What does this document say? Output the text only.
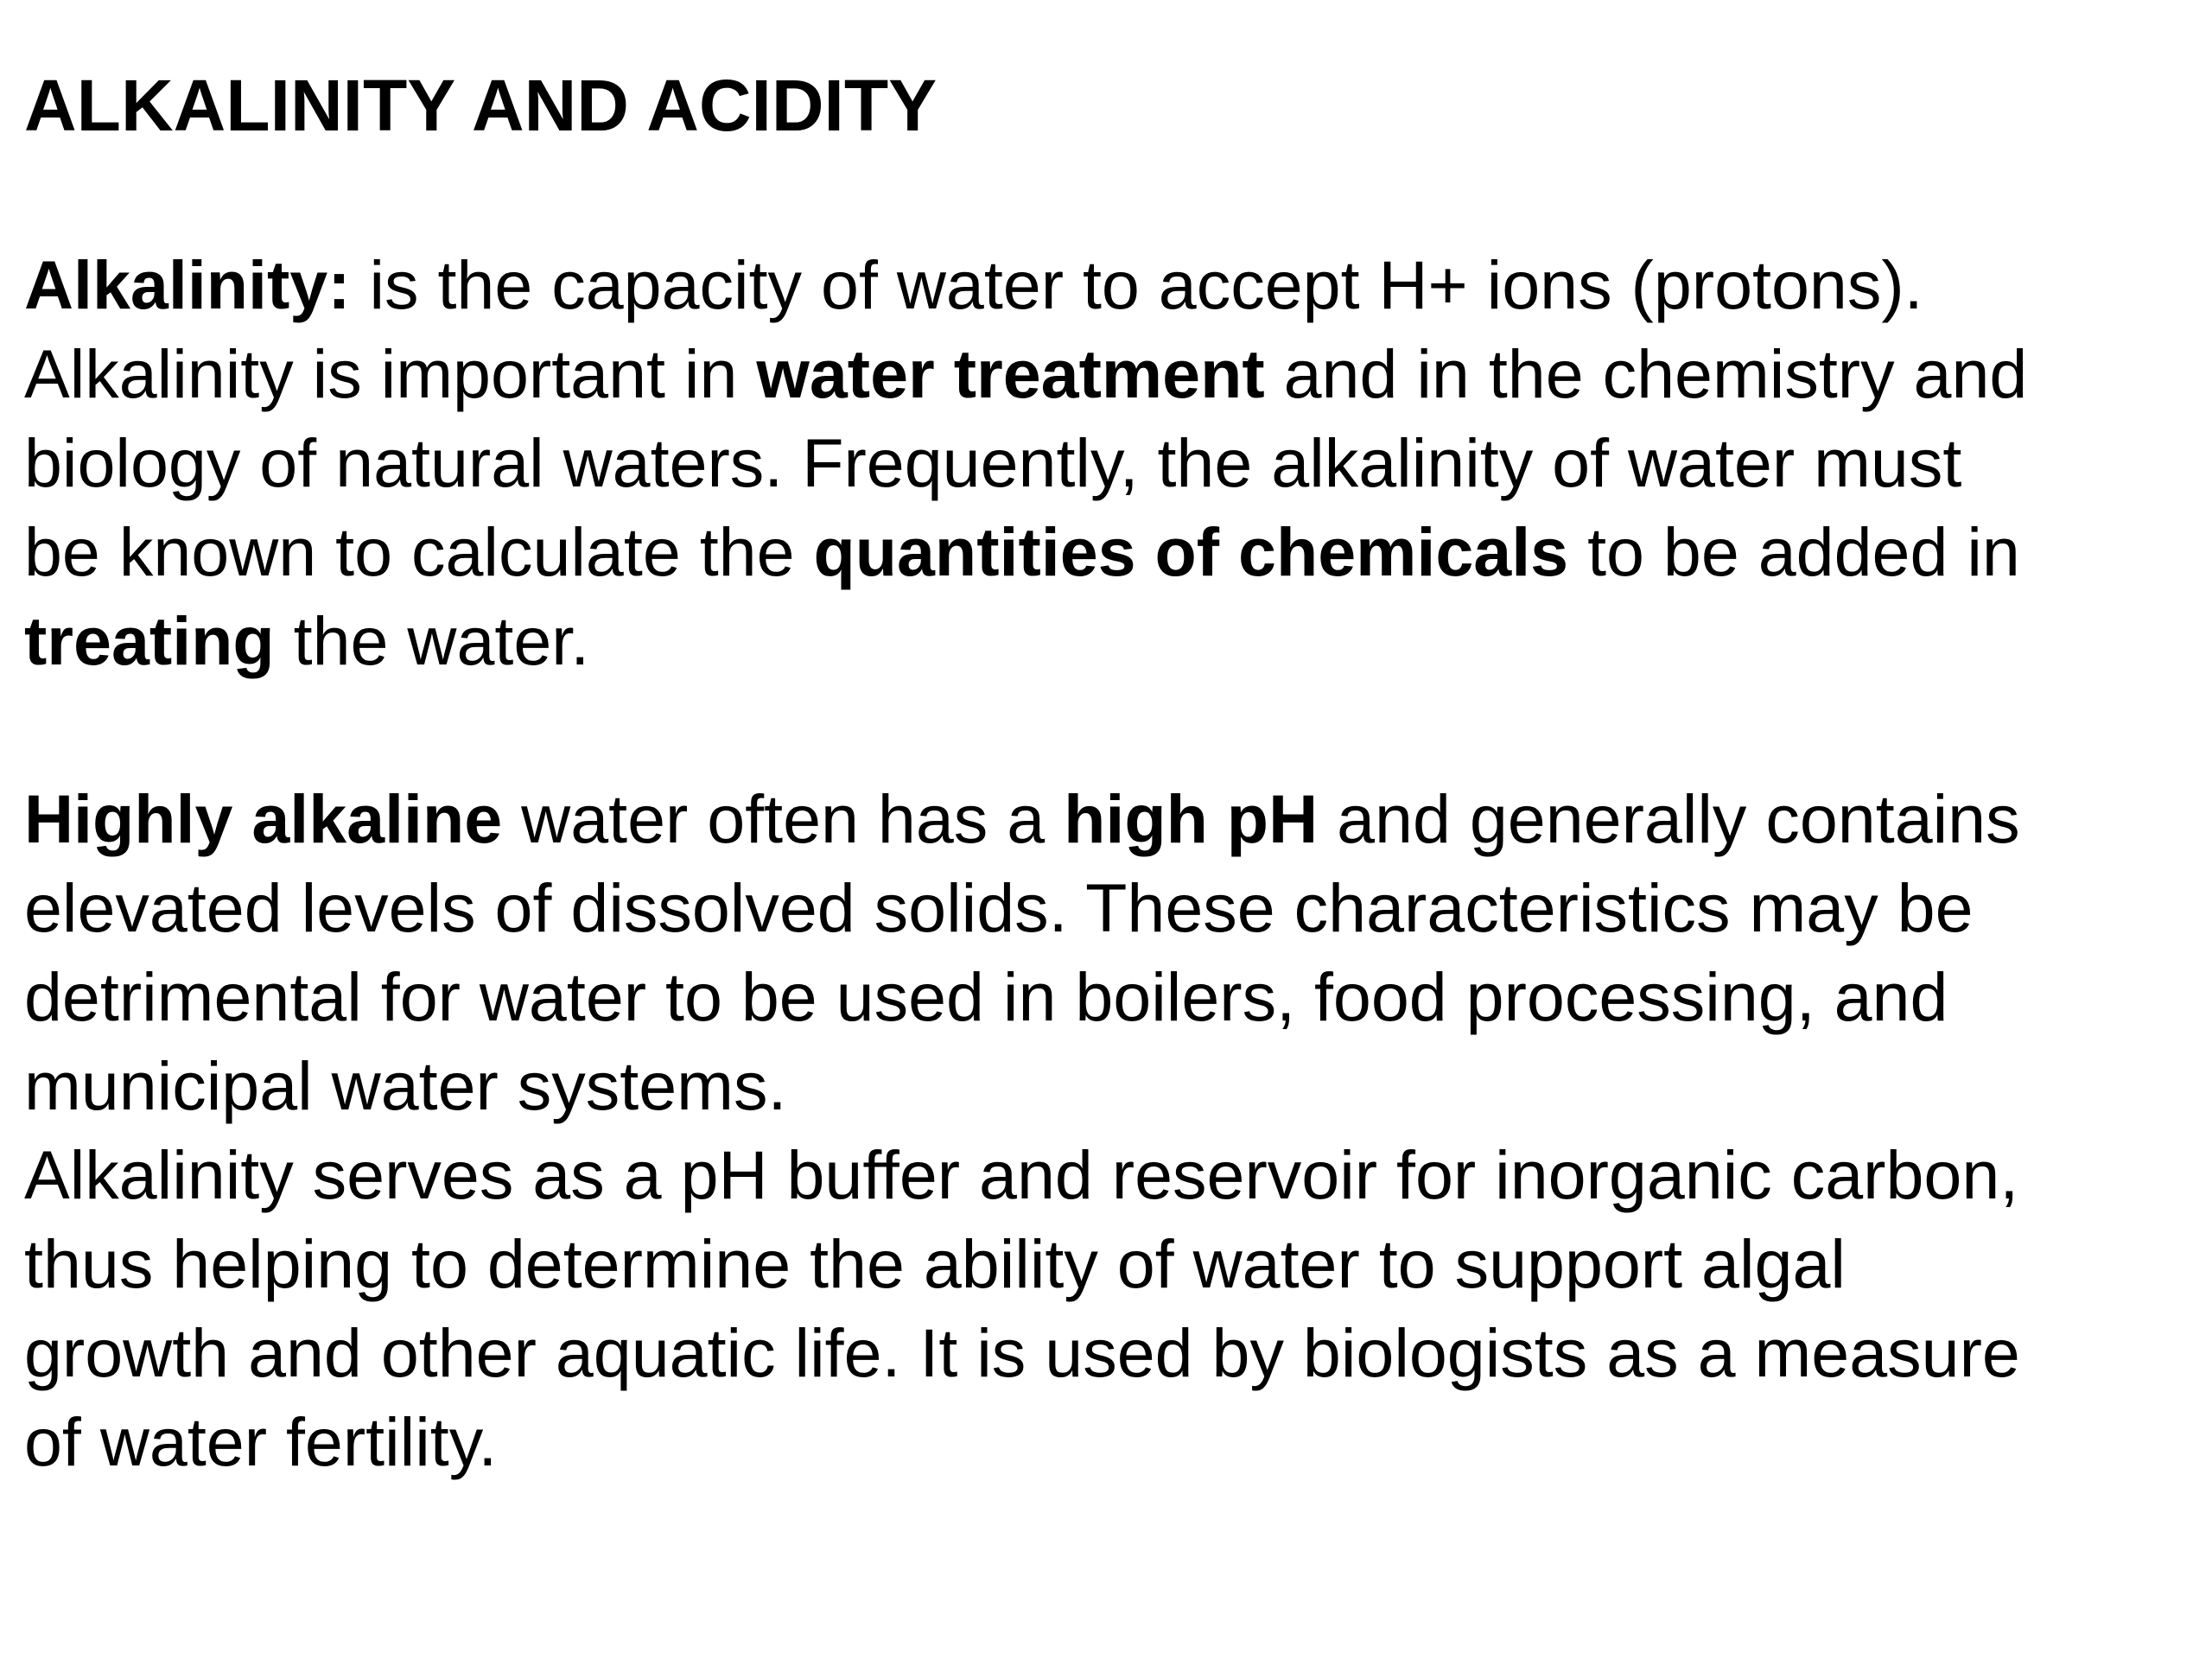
ALKALINITY AND ACIDITY

Alkalinity: is the capacity of water to accept H+ ions (protons).
Alkalinity is important in water treatment and in the chemistry and
biology of natural waters. Frequently, the alkalinity of water must
be known to calculate the quantities of chemicals to be added in
treating the water.

Highly alkaline water often has a high pH and generally contains
elevated levels of dissolved solids. These characteristics may be
detrimental for water to be used in boilers, food processing, and
municipal water systems.

Alkalinity serves as a pH buffer and reservoir for inorganic carbon,
thus helping to determine the ability of water to support algal
growth and other aquatic life. It is used by biologists as a measure
of water fertility.
